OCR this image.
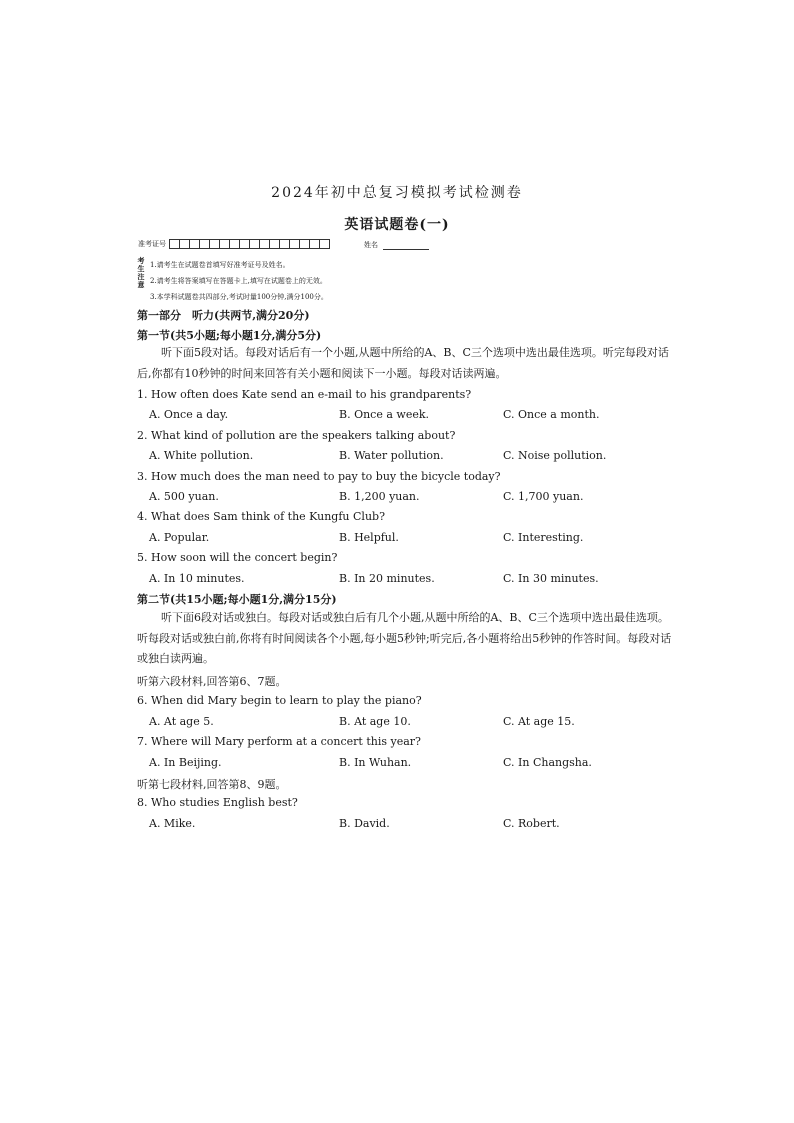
2024年初中总复习模拟考试检测卷
英语试题卷(一)
准考证号	姓名
考生注意
1.请考生在试题卷首填写好准考证号及姓名。
2.请考生将答案填写在答题卡上,填写在试题卷上的无效。
3.本学科试题卷共四部分,考试时量100分钟,满分100分。
第一部分　听力(共两节,满分20分)
第一节(共5小题;每小题1分,满分5分)
听下面5段对话。每段对话后有一个小题,从题中所给的A、B、C三个选项中选出最佳选项。听完每段对话后,你都有10秒钟的时间来回答有关小题和阅读下一小题。每段对话读两遍。
1. How often does Kate send an e-mail to his grandparents?
A. Once a day.	B. Once a week.	C. Once a month.
2. What kind of pollution are the speakers talking about?
A. White pollution.	B. Water pollution.	C. Noise pollution.
3. How much does the man need to pay to buy the bicycle today?
A. 500 yuan.	B. 1,200 yuan.	C. 1,700 yuan.
4. What does Sam think of the Kungfu Club?
A. Popular.	B. Helpful.	C. Interesting.
5. How soon will the concert begin?
A. In 10 minutes.	B. In 20 minutes.	C. In 30 minutes.
第二节(共15小题;每小题1分,满分15分)
听下面6段对话或独白。每段对话或独白后有几个小题,从题中所给的A、B、C三个选项中选出最佳选项。听每段对话或独白前,你将有时间阅读各个小题,每小题5秒钟;听完后,各小题将给出5秒钟的作答时间。每段对话或独白读两遍。
听第六段材料,回答第6、7题。
6. When did Mary begin to learn to play the piano?
A. At age 5.	B. At age 10.	C. At age 15.
7. Where will Mary perform at a concert this year?
A. In Beijing.	B. In Wuhan.	C. In Changsha.
听第七段材料,回答第8、9题。
8. Who studies English best?
A. Mike.	B. David.	C. Robert.
